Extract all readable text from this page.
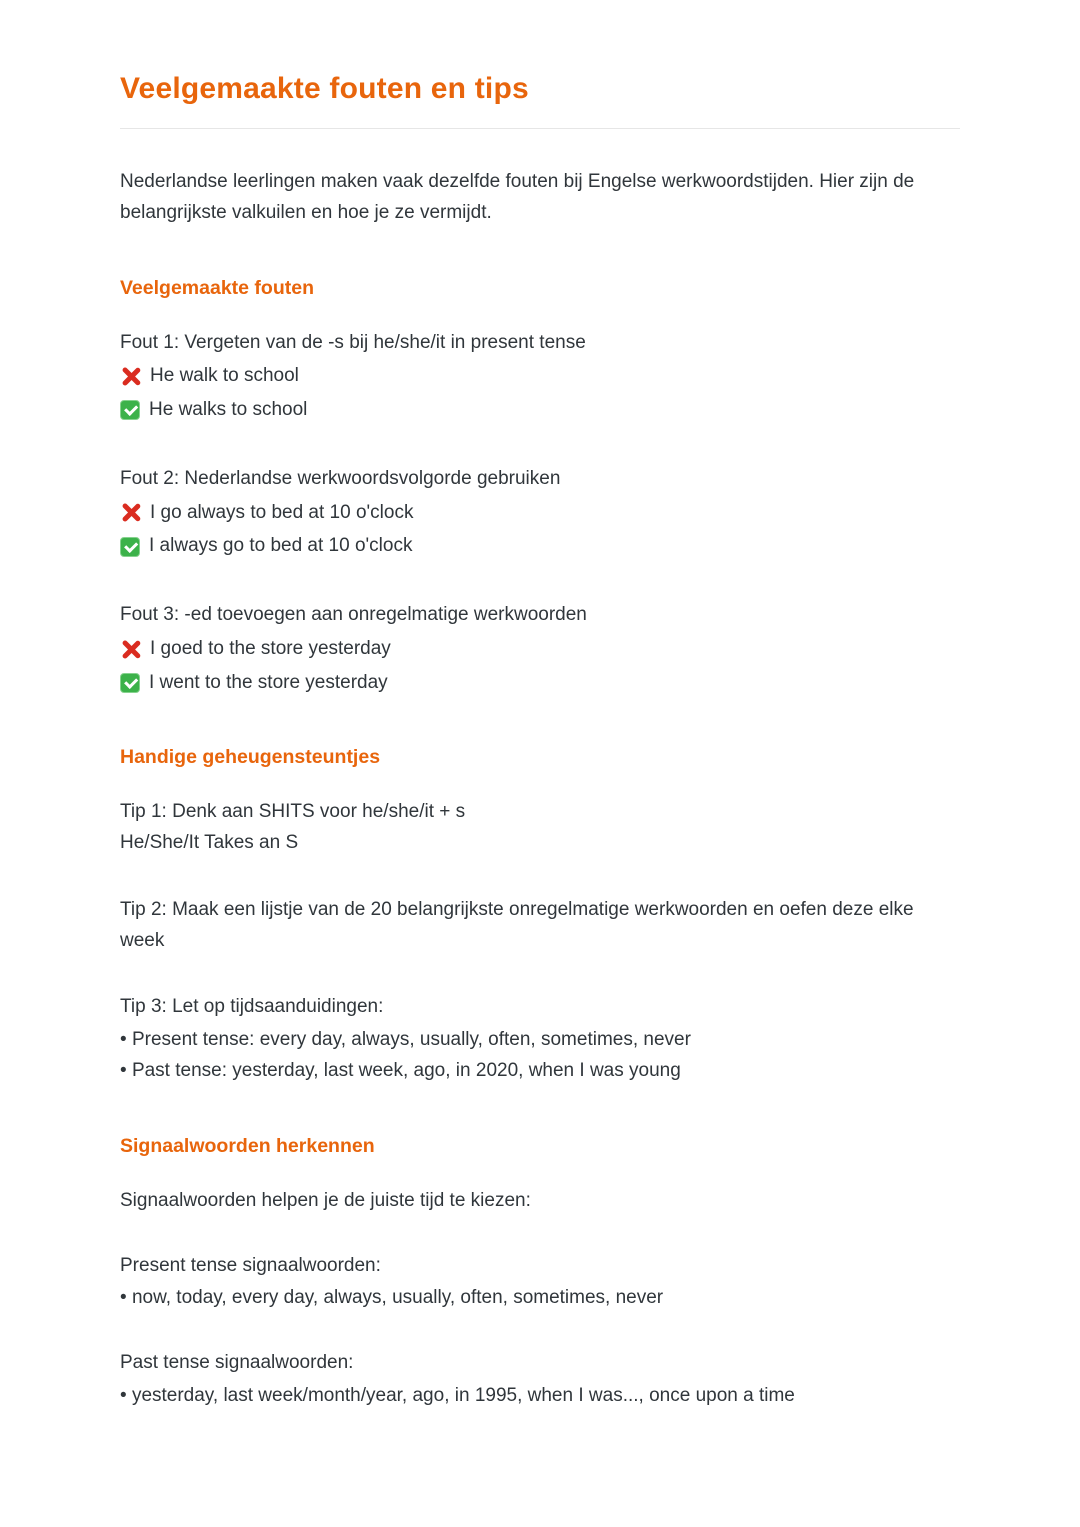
Veelgemaakte fouten en tips

Nederlandse leerlingen maken vaak dezelfde fouten bij Engelse werkwoordstijden. Hier zijn de belangrijkste valkuilen en hoe je ze vermijdt.

Veelgemaakte fouten
Fout 1: Vergeten van de -s bij he/she/it in present tense
He walk to school
He walks to school
Fout 2: Nederlandse werkwoordsvolgorde gebruiken
I go always to bed at 10 o'clock
I always go to bed at 10 o'clock
Fout 3: -ed toevoegen aan onregelmatige werkwoorden
I goed to the store yesterday
I went to the store yesterday
Handige geheugensteuntjes
Tip 1: Denk aan SHITS voor he/she/it + s
He/She/It Takes an S
Tip 2: Maak een lijstje van de 20 belangrijkste onregelmatige werkwoorden en oefen deze elke week
Tip 3: Let op tijdsaanduidingen:
• Present tense: every day, always, usually, often, sometimes, never
• Past tense: yesterday, last week, ago, in 2020, when I was young
Signaalwoorden herkennen
Signaalwoorden helpen je de juiste tijd te kiezen:
Present tense signaalwoorden:
• now, today, every day, always, usually, often, sometimes, never
Past tense signaalwoorden:
• yesterday, last week/month/year, ago, in 1995, when I was..., once upon a time
